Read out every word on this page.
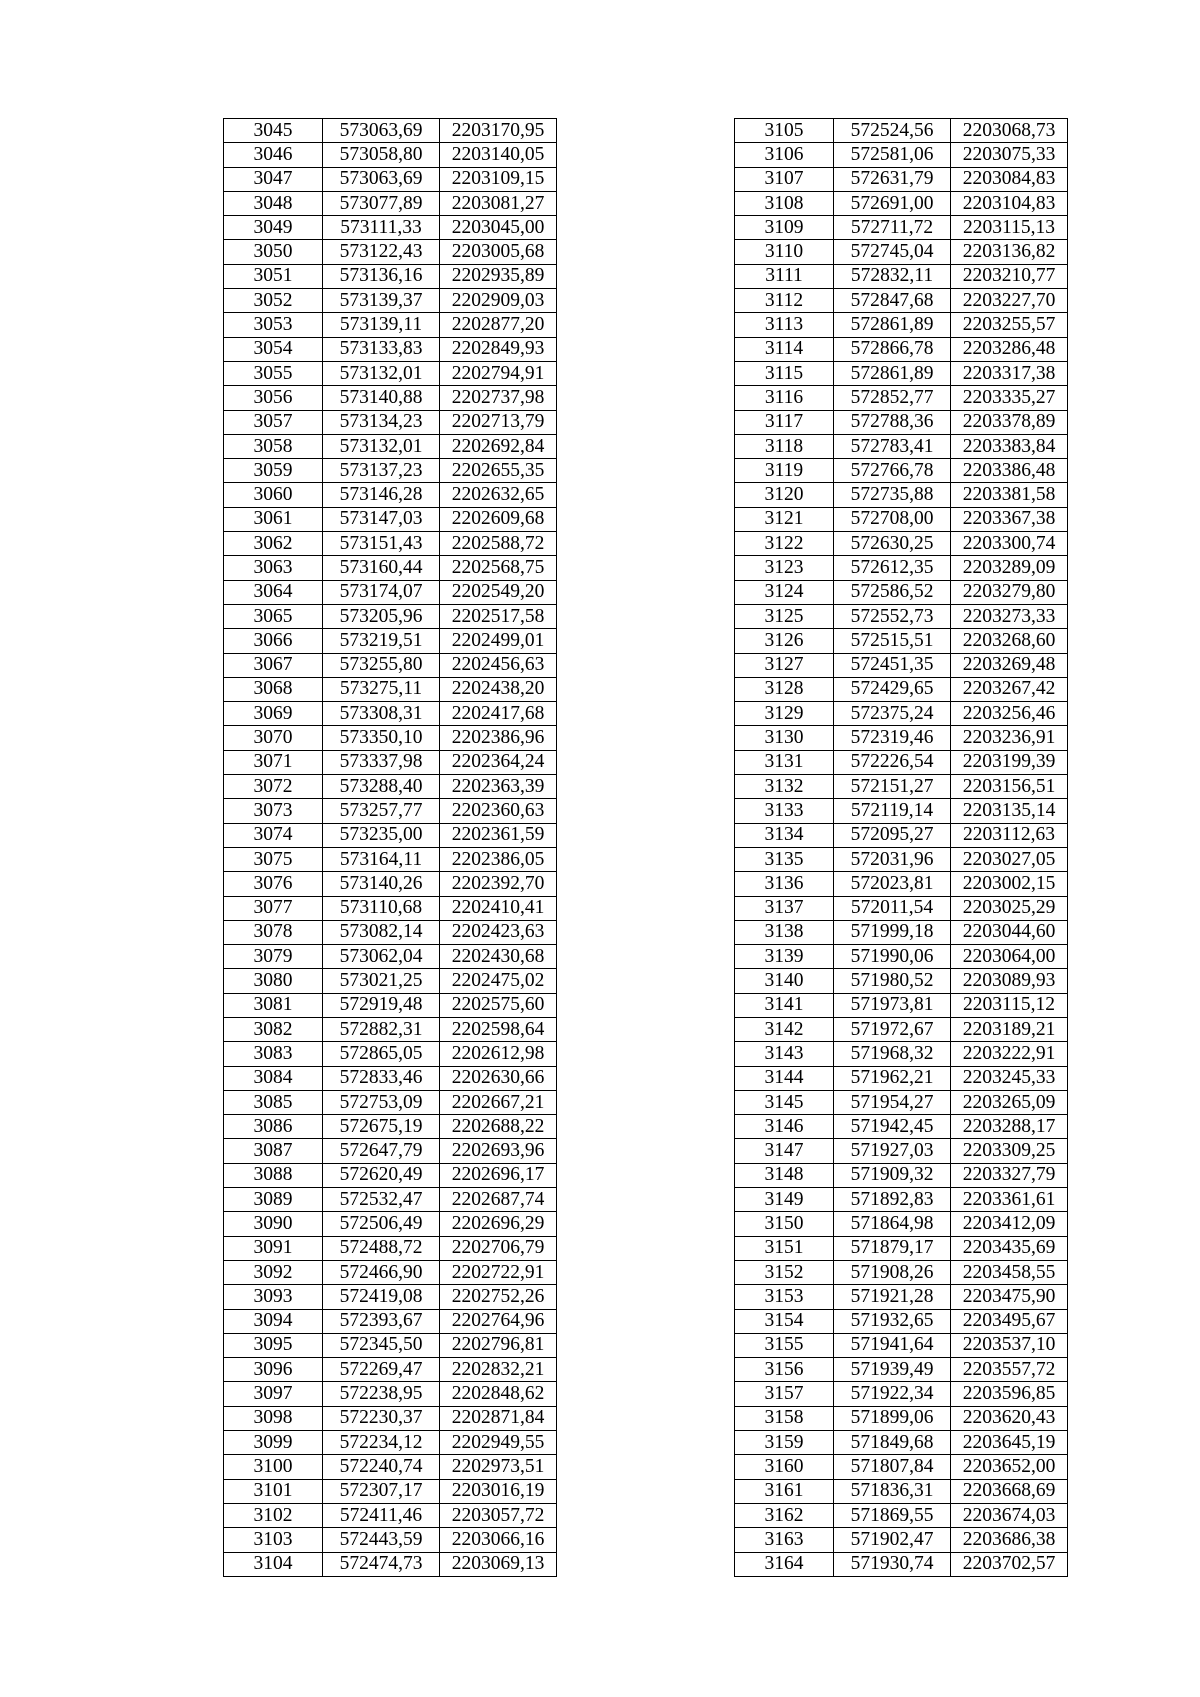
3045	573063,69	2203170,95
3046	573058,80	2203140,05
3047	573063,69	2203109,15
3048	573077,89	2203081,27
3049	573111,33	2203045,00
3050	573122,43	2203005,68
3051	573136,16	2202935,89
3052	573139,37	2202909,03
3053	573139,11	2202877,20
3054	573133,83	2202849,93
3055	573132,01	2202794,91
3056	573140,88	2202737,98
3057	573134,23	2202713,79
3058	573132,01	2202692,84
3059	573137,23	2202655,35
3060	573146,28	2202632,65
3061	573147,03	2202609,68
3062	573151,43	2202588,72
3063	573160,44	2202568,75
3064	573174,07	2202549,20
3065	573205,96	2202517,58
3066	573219,51	2202499,01
3067	573255,80	2202456,63
3068	573275,11	2202438,20
3069	573308,31	2202417,68
3070	573350,10	2202386,96
3071	573337,98	2202364,24
3072	573288,40	2202363,39
3073	573257,77	2202360,63
3074	573235,00	2202361,59
3075	573164,11	2202386,05
3076	573140,26	2202392,70
3077	573110,68	2202410,41
3078	573082,14	2202423,63
3079	573062,04	2202430,68
3080	573021,25	2202475,02
3081	572919,48	2202575,60
3082	572882,31	2202598,64
3083	572865,05	2202612,98
3084	572833,46	2202630,66
3085	572753,09	2202667,21
3086	572675,19	2202688,22
3087	572647,79	2202693,96
3088	572620,49	2202696,17
3089	572532,47	2202687,74
3090	572506,49	2202696,29
3091	572488,72	2202706,79
3092	572466,90	2202722,91
3093	572419,08	2202752,26
3094	572393,67	2202764,96
3095	572345,50	2202796,81
3096	572269,47	2202832,21
3097	572238,95	2202848,62
3098	572230,37	2202871,84
3099	572234,12	2202949,55
3100	572240,74	2202973,51
3101	572307,17	2203016,19
3102	572411,46	2203057,72
3103	572443,59	2203066,16
3104	572474,73	2203069,13
3105	572524,56	2203068,73
3106	572581,06	2203075,33
3107	572631,79	2203084,83
3108	572691,00	2203104,83
3109	572711,72	2203115,13
3110	572745,04	2203136,82
3111	572832,11	2203210,77
3112	572847,68	2203227,70
3113	572861,89	2203255,57
3114	572866,78	2203286,48
3115	572861,89	2203317,38
3116	572852,77	2203335,27
3117	572788,36	2203378,89
3118	572783,41	2203383,84
3119	572766,78	2203386,48
3120	572735,88	2203381,58
3121	572708,00	2203367,38
3122	572630,25	2203300,74
3123	572612,35	2203289,09
3124	572586,52	2203279,80
3125	572552,73	2203273,33
3126	572515,51	2203268,60
3127	572451,35	2203269,48
3128	572429,65	2203267,42
3129	572375,24	2203256,46
3130	572319,46	2203236,91
3131	572226,54	2203199,39
3132	572151,27	2203156,51
3133	572119,14	2203135,14
3134	572095,27	2203112,63
3135	572031,96	2203027,05
3136	572023,81	2203002,15
3137	572011,54	2203025,29
3138	571999,18	2203044,60
3139	571990,06	2203064,00
3140	571980,52	2203089,93
3141	571973,81	2203115,12
3142	571972,67	2203189,21
3143	571968,32	2203222,91
3144	571962,21	2203245,33
3145	571954,27	2203265,09
3146	571942,45	2203288,17
3147	571927,03	2203309,25
3148	571909,32	2203327,79
3149	571892,83	2203361,61
3150	571864,98	2203412,09
3151	571879,17	2203435,69
3152	571908,26	2203458,55
3153	571921,28	2203475,90
3154	571932,65	2203495,67
3155	571941,64	2203537,10
3156	571939,49	2203557,72
3157	571922,34	2203596,85
3158	571899,06	2203620,43
3159	571849,68	2203645,19
3160	571807,84	2203652,00
3161	571836,31	2203668,69
3162	571869,55	2203674,03
3163	571902,47	2203686,38
3164	571930,74	2203702,57
